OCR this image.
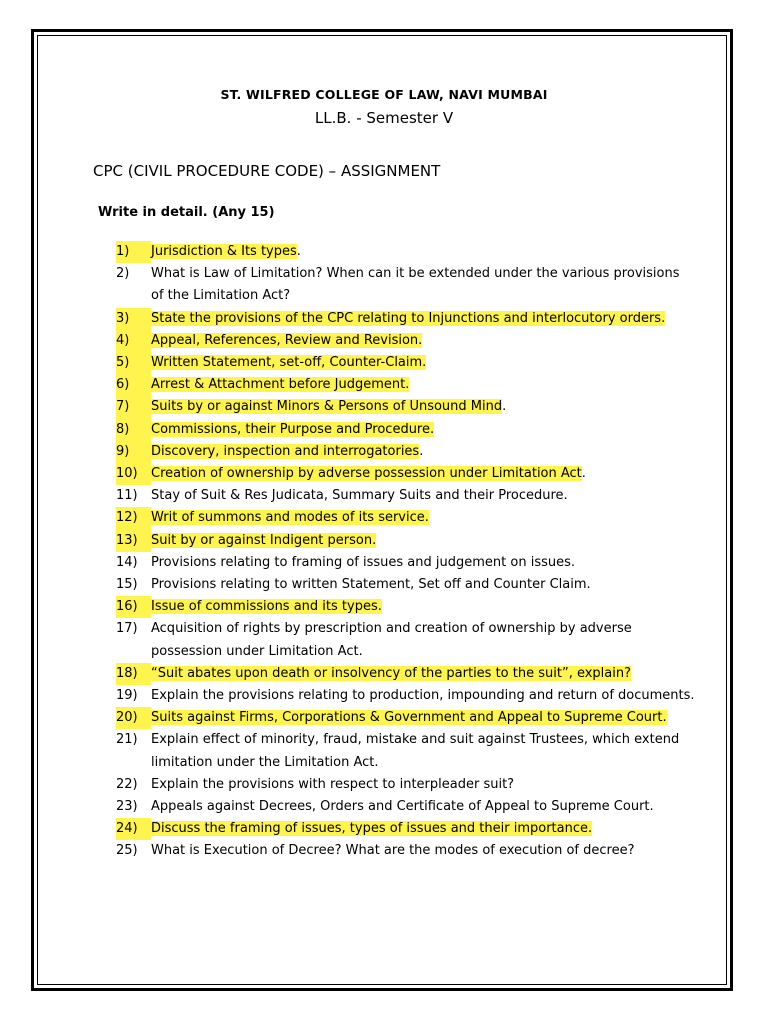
ST. WILFRED COLLEGE OF LAW, NAVI MUMBAI
LL.B. - Semester V
CPC (CIVIL PROCEDURE CODE) – ASSIGNMENT
Write in detail. (Any 15)
1)	Jurisdiction & Its types.
2)	What is Law of Limitation? When can it be extended under the various provisions of the Limitation Act?
3)	State the provisions of the CPC relating to Injunctions and interlocutory orders.
4)	Appeal, References, Review and Revision.
5)	Written Statement, set-off, Counter-Claim.
6)	Arrest & Attachment before Judgement.
7)	Suits by or against Minors & Persons of Unsound Mind.
8)	Commissions, their Purpose and Procedure.
9)	Discovery, inspection and interrogatories.
10)	Creation of ownership by adverse possession under Limitation Act.
11)	Stay of Suit & Res Judicata, Summary Suits and their Procedure.
12)	Writ of summons and modes of its service.
13)	Suit by or against Indigent person.
14)	Provisions relating to framing of issues and judgement on issues.
15)	Provisions relating to written Statement, Set off and Counter Claim.
16)	Issue of commissions and its types.
17)	Acquisition of rights by prescription and creation of ownership by adverse possession under Limitation Act.
18)	“Suit abates upon death or insolvency of the parties to the suit”, explain?
19)	Explain the provisions relating to production, impounding and return of documents.
20)	Suits against Firms, Corporations & Government and Appeal to Supreme Court.
21)	Explain effect of minority, fraud, mistake and suit against Trustees, which extend limitation under the Limitation Act.
22)	Explain the provisions with respect to interpleader suit?
23)	Appeals against Decrees, Orders and Certificate of Appeal to Supreme Court.
24)	Discuss the framing of issues, types of issues and their importance.
25)	What is Execution of Decree? What are the modes of execution of decree?
